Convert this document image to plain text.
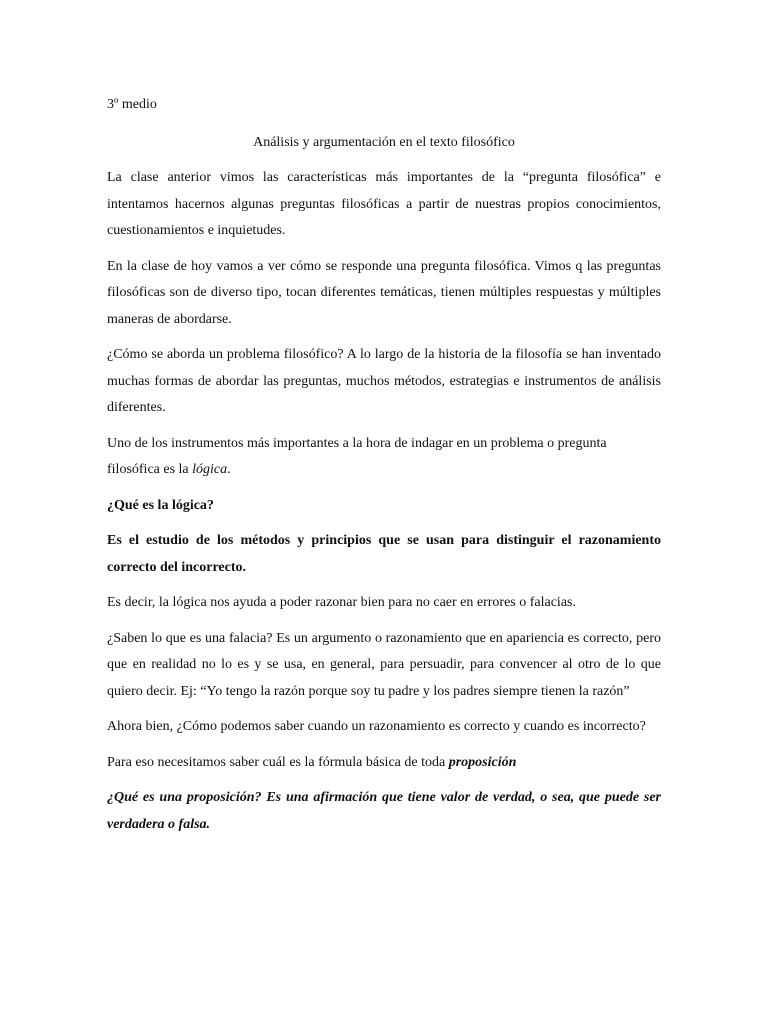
3º medio

Análisis y argumentación en el texto filosófico

La clase anterior vimos las características más importantes de la “pregunta filosófica” e intentamos hacernos algunas preguntas filosóficas a partir de nuestras propios conocimientos, cuestionamientos e inquietudes.

En la clase de hoy vamos a ver cómo se responde una pregunta filosófica. Vimos q las preguntas filosóficas son de diverso tipo, tocan diferentes temáticas, tienen múltiples respuestas y múltiples maneras de abordarse.

¿Cómo se aborda un problema filosófico? A lo largo de la historia de la filosofía se han inventado muchas formas de abordar las preguntas, muchos métodos, estrategias e instrumentos de análisis diferentes.

Uno de los instrumentos más importantes a la hora de indagar en un problema o pregunta filosófica es la lógica.

¿Qué es la lógica?

Es el estudio de los métodos y principios que se usan para distinguir el razonamiento correcto del incorrecto.

Es decir, la lógica nos ayuda a poder razonar bien para no caer en errores o falacias.

¿Saben lo que es una falacia? Es un argumento o razonamiento que en apariencia es correcto, pero que en realidad no lo es y se usa, en general, para persuadir, para convencer al otro de lo que quiero decir. Ej: “Yo tengo la razón porque soy tu padre y los padres siempre tienen la razón”

Ahora bien, ¿Cómo podemos saber cuando un razonamiento es correcto y cuando es incorrecto?

Para eso necesitamos saber cuál es la fórmula básica de toda proposición

¿Qué es una proposición? Es una afirmación que tiene valor de verdad, o sea, que puede ser verdadera o falsa.
